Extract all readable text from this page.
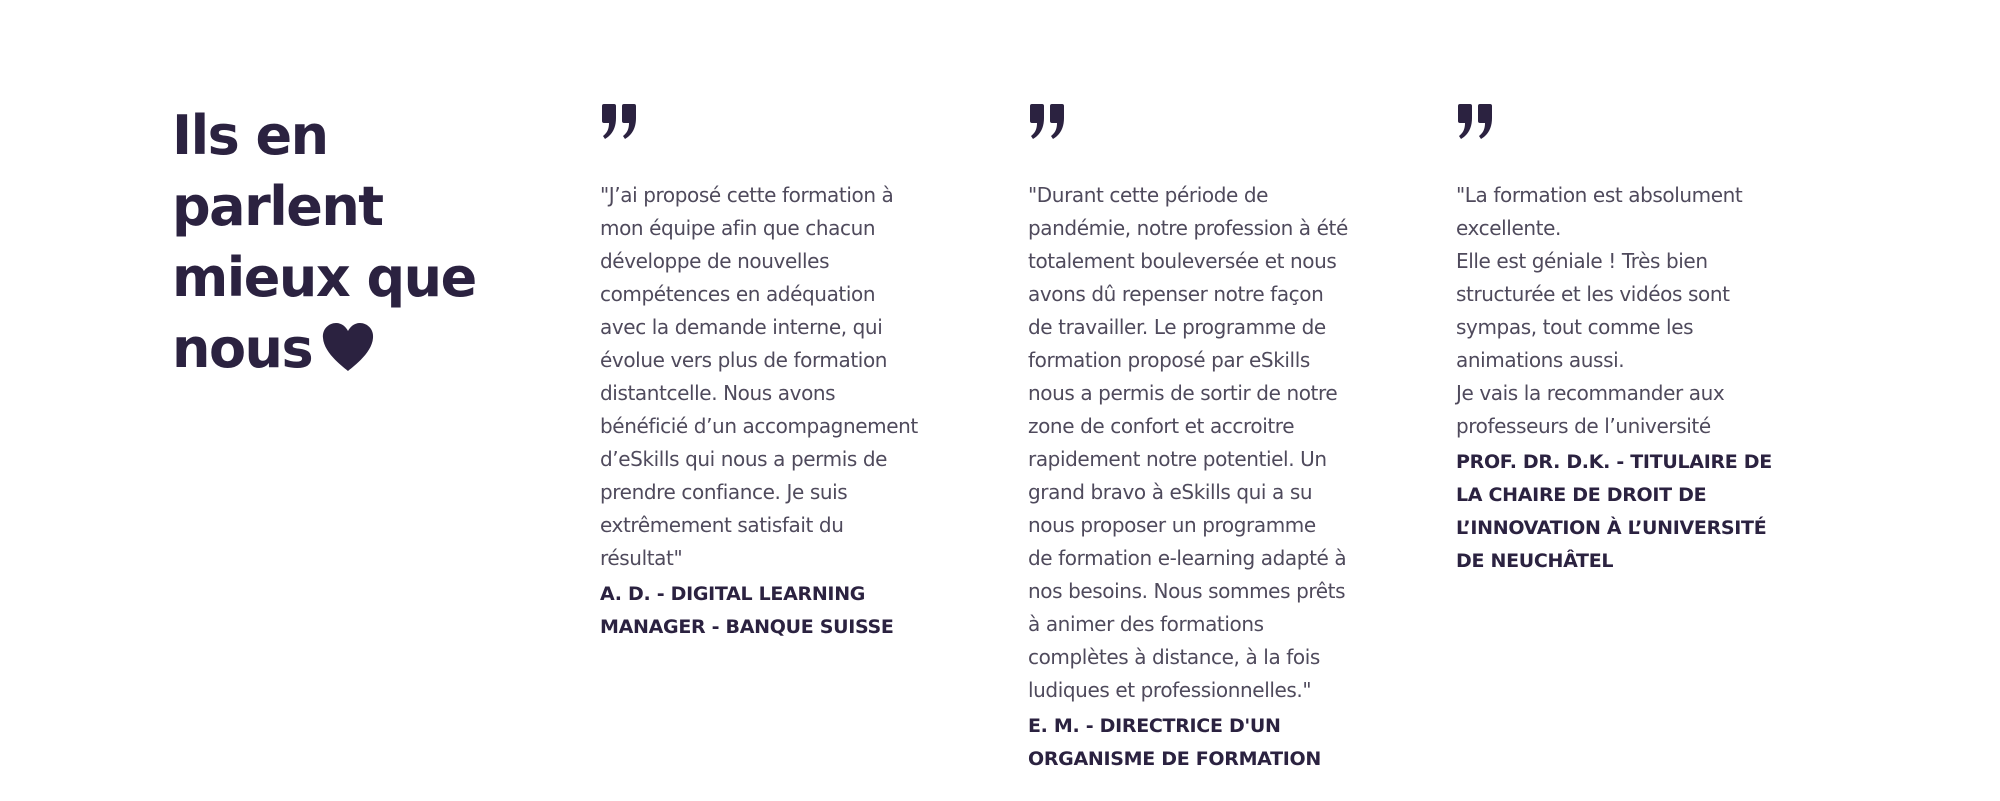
Ils en
parlent
mieux que
nous

"J’ai proposé cette formation à
mon équipe afin que chacun
développe de nouvelles
compétences en adéquation
avec la demande interne, qui
évolue vers plus de formation
distantcelle. Nous avons
bénéficié d’un accompagnement
d’eSkills qui nous a permis de
prendre confiance. Je suis
extrêmement satisfait du
résultat"

A. D. - DIGITAL LEARNING
MANAGER - BANQUE SUISSE

"Durant cette période de
pandémie, notre profession à été
totalement bouleversée et nous
avons dû repenser notre façon
de travailler. Le programme de
formation proposé par eSkills
nous a permis de sortir de notre
zone de confort et accroitre
rapidement notre potentiel. Un
grand bravo à eSkills qui a su
nous proposer un programme
de formation e-learning adapté à
nos besoins. Nous sommes prêts
à animer des formations
complètes à distance, à la fois
ludiques et professionnelles."

E. M. - DIRECTRICE D'UN
ORGANISME DE FORMATION

"La formation est absolument
excellente.
Elle est géniale ! Très bien
structurée et les vidéos sont
sympas, tout comme les
animations aussi.
Je vais la recommander aux
professeurs de l’université

PROF. DR. D.K. - TITULAIRE DE
LA CHAIRE DE DROIT DE
L’INNOVATION À L’UNIVERSITÉ
DE NEUCHÂTEL
